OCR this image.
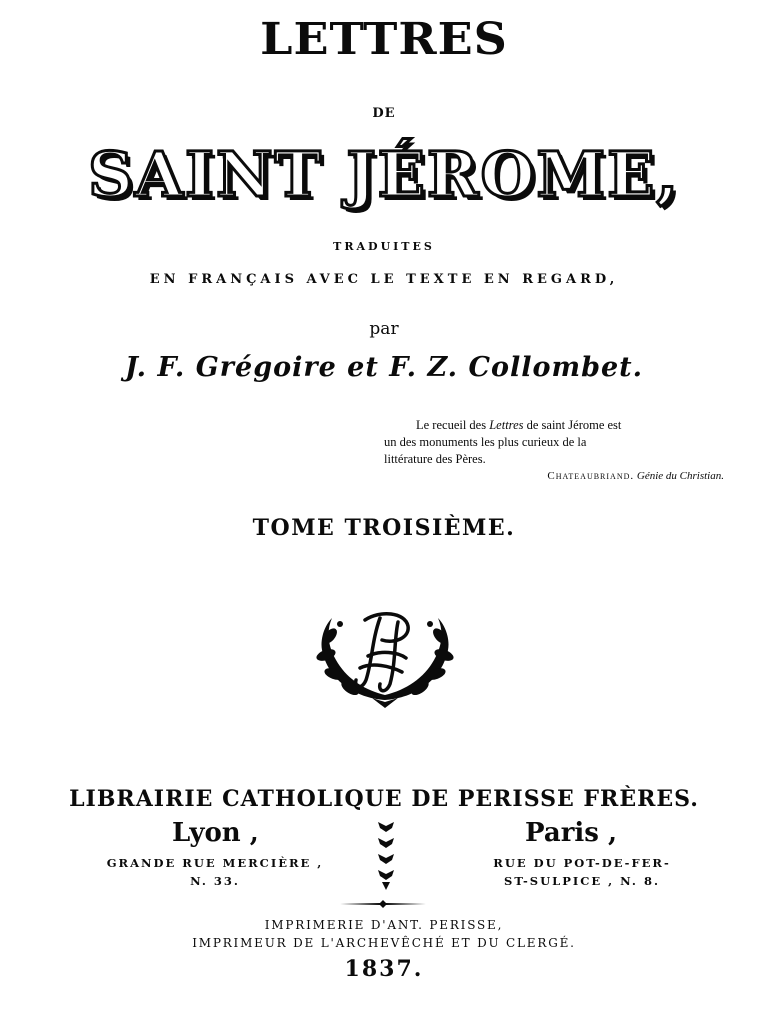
LETTRES
DE
SAINT JÉROME,
TRADUITES
EN FRANÇAIS AVEC LE TEXTE EN REGARD,
par
J. F. Grégoire et F. Z. Collombet.
Le recueil des Lettres de saint Jérome est
un des monuments les plus curieux de la
littérature des Pères.
Chateaubriand. Génie du Christian.
TOME TROISIÈME.
LIBRAIRIE CATHOLIQUE DE PERISSE FRÈRES.
Lyon ,	Paris ,
GRANDE RUE MERCIÈRE ,
N. 33.
RUE DU POT-DE-FER-
ST-SULPICE , N. 8.
IMPRIMERIE D'ANT. PERISSE,
IMPRIMEUR DE L'ARCHEVÊCHÉ ET DU CLERGÉ.
1837.
